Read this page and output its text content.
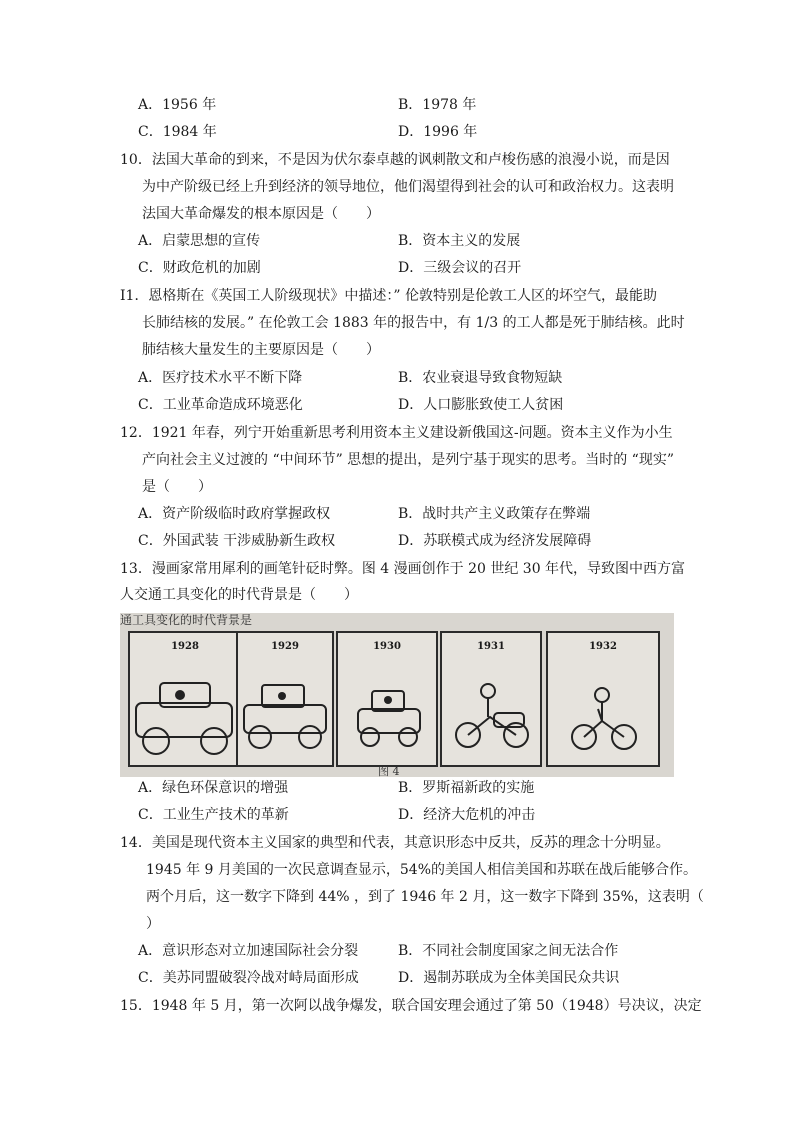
A．1956 年	B．1978 年
C．1984 年	D．1996 年
10．法国大革命的到来，不是因为伏尔泰卓越的讽刺散文和卢梭伤感的浪漫小说，而是因
为中产阶级已经上升到经济的领导地位，他们渴望得到社会的认可和政治权力。这表明
法国大革命爆发的根本原因是（　　）
A．启蒙思想的宣传	B．资本主义的发展
C．财政危机的加剧	D．三级会议的召开
I1．恩格斯在《英国工人阶级现状》中描述：” 伦敦特别是伦敦工人区的坏空气，最能助
长肺结核的发展。” 在伦敦工会 1883 年的报告中，有 1/3 的工人都是死于肺结核。此时
肺结核大量发生的主要原因是（　　）
A．医疗技术水平不断下降	B．农业衰退导致食物短缺
C．工业革命造成环境恶化	D．人口膨胀致使工人贫困
12．1921 年春，列宁开始重新思考利用资本主义建设新俄国这-问题。资本主义作为小生
产向社会主义过渡的 “中间环节” 思想的提出，是列宁基于现实的思考。当时的 “现实”
是（　　）
A．资产阶级临时政府掌握政权	B．战时共产主义政策存在弊端
C．外国武装 干涉威胁新生政权	D．苏联模式成为经济发展障碍
13．漫画家常用犀利的画笔针砭时弊。图 4 漫画创作于 20 世纪 30 年代，导致图中西方富
人交通工具变化的时代背景是（　　）
通工具变化的时代背景是
1928	1929	1930	1931	1932
图 4
A．绿色环保意识的增强	B．罗斯福新政的实施
C．工业生产技术的革新	D．经济大危机的冲击
14．美国是现代资本主义国家的典型和代表，其意识形态中反共，反苏的理念十分明显。
1945 年 9 月美国的一次民意调查显示，54%的美国人相信美国和苏联在战后能够合作。
两个月后，这一数字下降到 44% ，到了 1946 年 2 月，这一数字下降到 35%，这表明（
）
A．意识形态对立加速国际社会分裂	B．不同社会制度国家之间无法合作
C．美苏同盟破裂冷战对峙局面形成	D．遏制苏联成为全体美国民众共识
15．1948 年 5 月，第一次阿以战争爆发，联合国安理会通过了第 50（1948）号决议，决定
